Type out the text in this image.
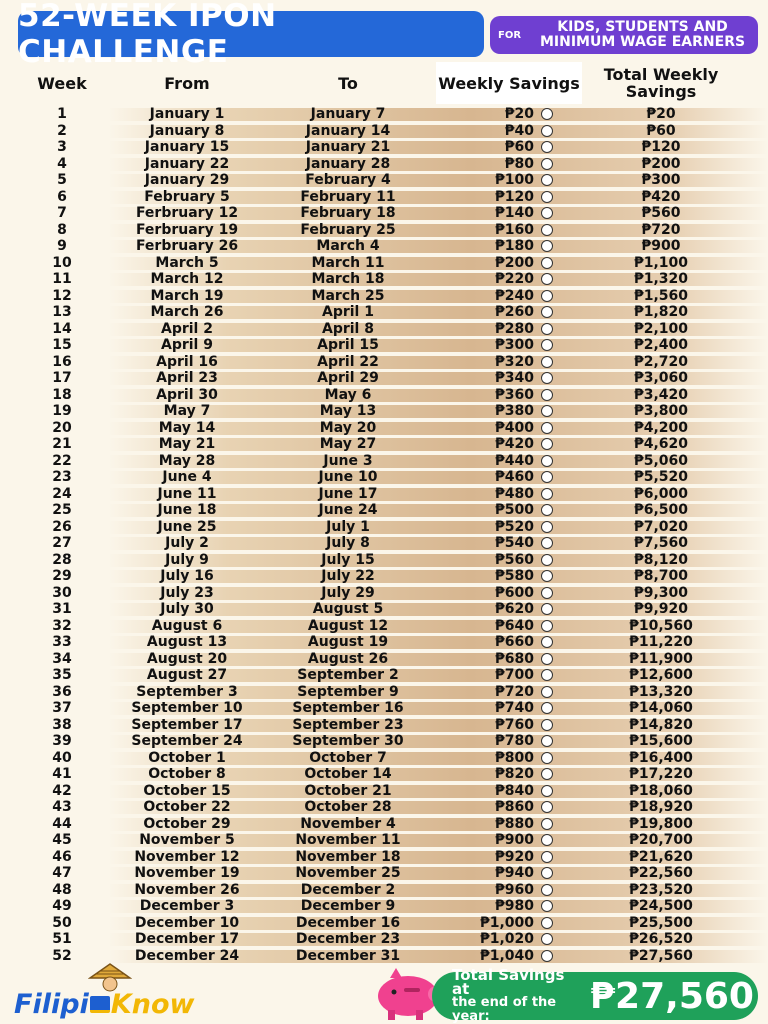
52-WEEK IPON CHALLENGE	FOR	KIDS, STUDENTS AND
MINIMUM WAGE EARNERS
Week	From	To	Weekly Savings	Total Weekly Savings
1	January 1	January 7	₱20	₱20
2	January 8	January 14	₱40	₱60
3	January 15	January 21	₱60	₱120
4	January 22	January 28	₱80	₱200
5	January 29	February 4	₱100	₱300
6	February 5	February 11	₱120	₱420
7	Ferbruary 12	February 18	₱140	₱560
8	Ferbruary 19	February 25	₱160	₱720
9	Ferbruary 26	March 4	₱180	₱900
10	March 5	March 11	₱200	₱1,100
11	March 12	March 18	₱220	₱1,320
12	March 19	March 25	₱240	₱1,560
13	March 26	April 1	₱260	₱1,820
14	April 2	April 8	₱280	₱2,100
15	April 9	April 15	₱300	₱2,400
16	April 16	April 22	₱320	₱2,720
17	April 23	April 29	₱340	₱3,060
18	April 30	May 6	₱360	₱3,420
19	May 7	May 13	₱380	₱3,800
20	May 14	May 20	₱400	₱4,200
21	May 21	May 27	₱420	₱4,620
22	May 28	June 3	₱440	₱5,060
23	June 4	June 10	₱460	₱5,520
24	June 11	June 17	₱480	₱6,000
25	June 18	June 24	₱500	₱6,500
26	June 25	July 1	₱520	₱7,020
27	July 2	July 8	₱540	₱7,560
28	July 9	July 15	₱560	₱8,120
29	July 16	July 22	₱580	₱8,700
30	July 23	July 29	₱600	₱9,300
31	July 30	August 5	₱620	₱9,920
32	August 6	August 12	₱640	₱10,560
33	August 13	August 19	₱660	₱11,220
34	August 20	August 26	₱680	₱11,900
35	August 27	September 2	₱700	₱12,600
36	September 3	September 9	₱720	₱13,320
37	September 10	September 16	₱740	₱14,060
38	September 17	September 23	₱760	₱14,820
39	September 24	September 30	₱780	₱15,600
40	October 1	October 7	₱800	₱16,400
41	October 8	October 14	₱820	₱17,220
42	October 15	October 21	₱840	₱18,060
43	October 22	October 28	₱860	₱18,920
44	October 29	November 4	₱880	₱19,800
45	November 5	November 11	₱900	₱20,700
46	November 12	November 18	₱920	₱21,620
47	November 19	November 25	₱940	₱22,560
48	November 26	December 2	₱960	₱23,520
49	December 3	December 9	₱980	₱24,500
50	December 10	December 16	₱1,000	₱25,500
51	December 17	December 23	₱1,020	₱26,520
52	December 24	December 31	₱1,040	₱27,560
Filipi Know
Total Savings at
the end of the year:	₱27,560
